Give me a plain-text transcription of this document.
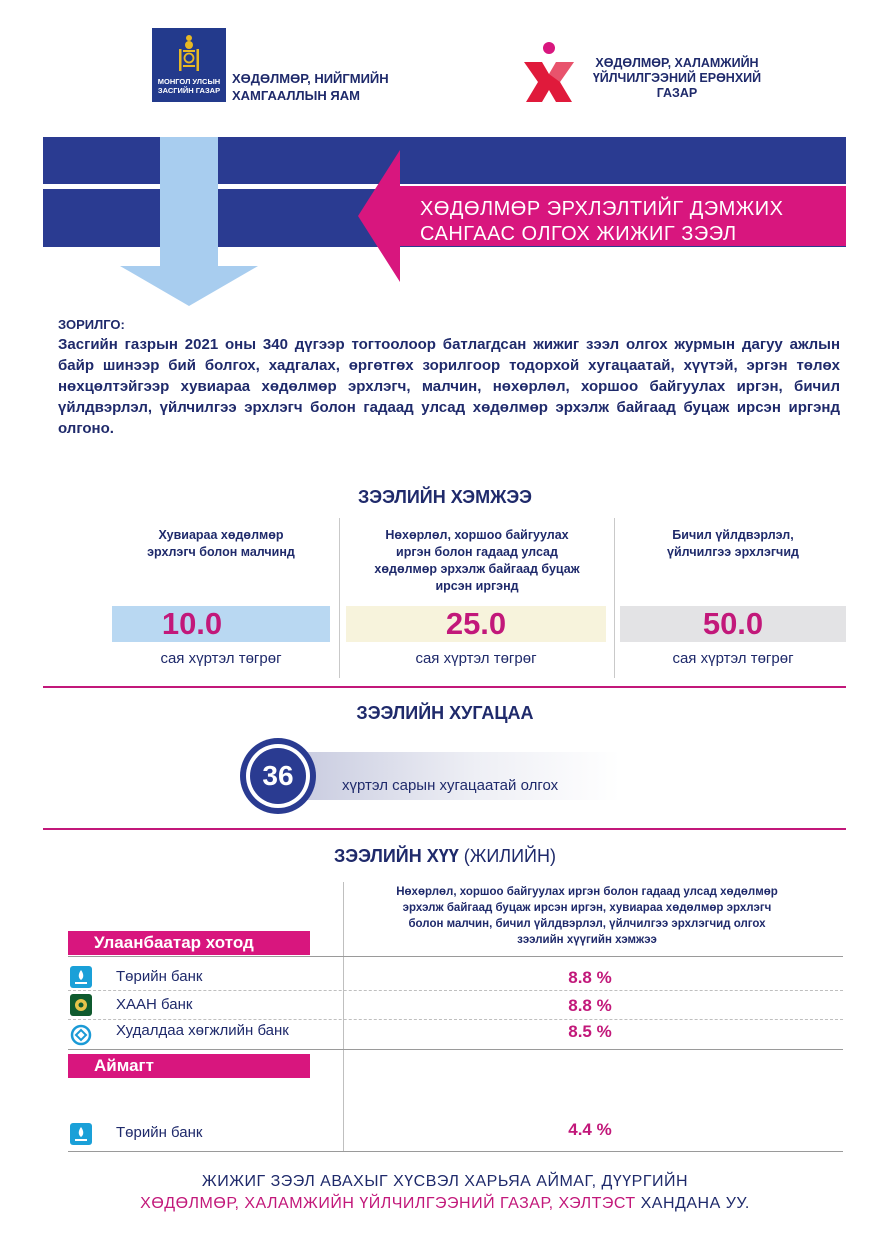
МОНГОЛ УЛСЫН
ЗАСГИЙН ГАЗАР
ХӨДӨЛМӨР, НИЙГМИЙН
ХАМГААЛЛЫН ЯАМ
ХӨДӨЛМӨР, ХАЛАМЖИЙН
ҮЙЛЧИЛГЭЭНИЙ ЕРӨНХИЙ
ГАЗАР
ХӨДӨЛМӨР ЭРХЛЭЛТИЙГ ДЭМЖИХ
САНГААС ОЛГОХ ЖИЖИГ ЗЭЭЛ
ЗОРИЛГО:
Засгийн газрын 2021 оны 340 дүгээр тогтоолоор батлагдсан жижиг зээл олгох журмын дагуу ажлын байр шинээр бий болгох, хадгалах, өргөтгөх зорилгоор тодорхой хугацаатай, хүүтэй, эргэн төлөх нөхцөлтэйгээр хувиараа хөдөлмөр эрхлэгч, малчин, нөхөрлөл, хоршоо байгуулах иргэн, бичил үйлдвэрлэл, үйлчилгээ эрхлэгч болон гадаад улсад хөдөлмөр эрхэлж байгаад буцаж ирсэн иргэнд олгоно.
ЗЭЭЛИЙН ХЭМЖЭЭ
Хувиараа хөдөлмөр
эрхлэгч болон малчинд
10.0
сая хүртэл төгрөг
Нөхөрлөл, хоршоо байгуулах
иргэн болон гадаад улсад
хөдөлмөр эрхэлж байгаад буцаж
ирсэн иргэнд
25.0
сая хүртэл төгрөг
Бичил үйлдвэрлэл,
үйлчилгээ эрхлэгчид
50.0
сая хүртэл төгрөг
ЗЭЭЛИЙН ХУГАЦАА
36	хүртэл сарын хугацаатай олгох
ЗЭЭЛИЙН ХҮҮ (ЖИЛИЙН)
Нөхөрлөл, хоршоо байгуулах иргэн болон гадаад улсад хөдөлмөр
эрхэлж байгаад буцаж ирсэн иргэн, хувиараа хөдөлмөр эрхлэгч
болон малчин, бичил үйлдвэрлэл, үйлчилгээ эрхлэгчид олгох
зээлийн хүүгийн хэмжээ
Улаанбаатар хотод
Төрийн банк	8.8 %
ХААН банк	8.8 %
Худалдаа хөгжлийн банк	8.5 %
Аймагт
Төрийн банк	4.4 %
ЖИЖИГ ЗЭЭЛ АВАХЫГ ХҮСВЭЛ ХАРЬЯА АЙМАГ, ДҮҮРГИЙН
ХӨДӨЛМӨР, ХАЛАМЖИЙН ҮЙЛЧИЛГЭЭНИЙ ГАЗАР, ХЭЛТЭСТ ХАНДАНА УУ.
